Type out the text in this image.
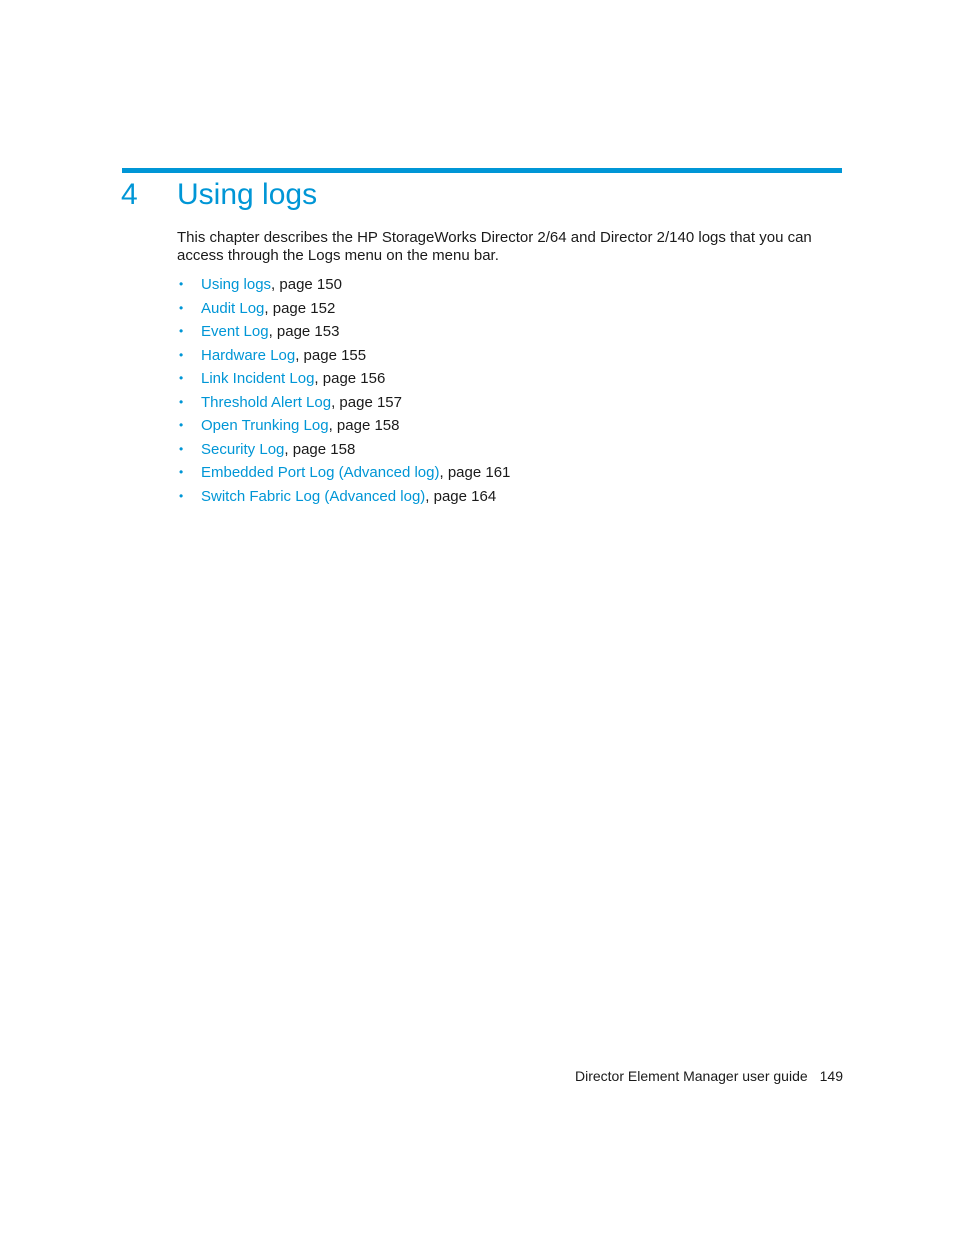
4 Using logs

This chapter describes the HP StorageWorks Director 2/64 and Director 2/140 logs that you can access through the Logs menu on the menu bar.

• Using logs, page 150
• Audit Log, page 152
• Event Log, page 153
• Hardware Log, page 155
• Link Incident Log, page 156
• Threshold Alert Log, page 157
• Open Trunking Log, page 158
• Security Log, page 158
• Embedded Port Log (Advanced log), page 161
• Switch Fabric Log (Advanced log), page 164
Director Element Manager user guide 149
